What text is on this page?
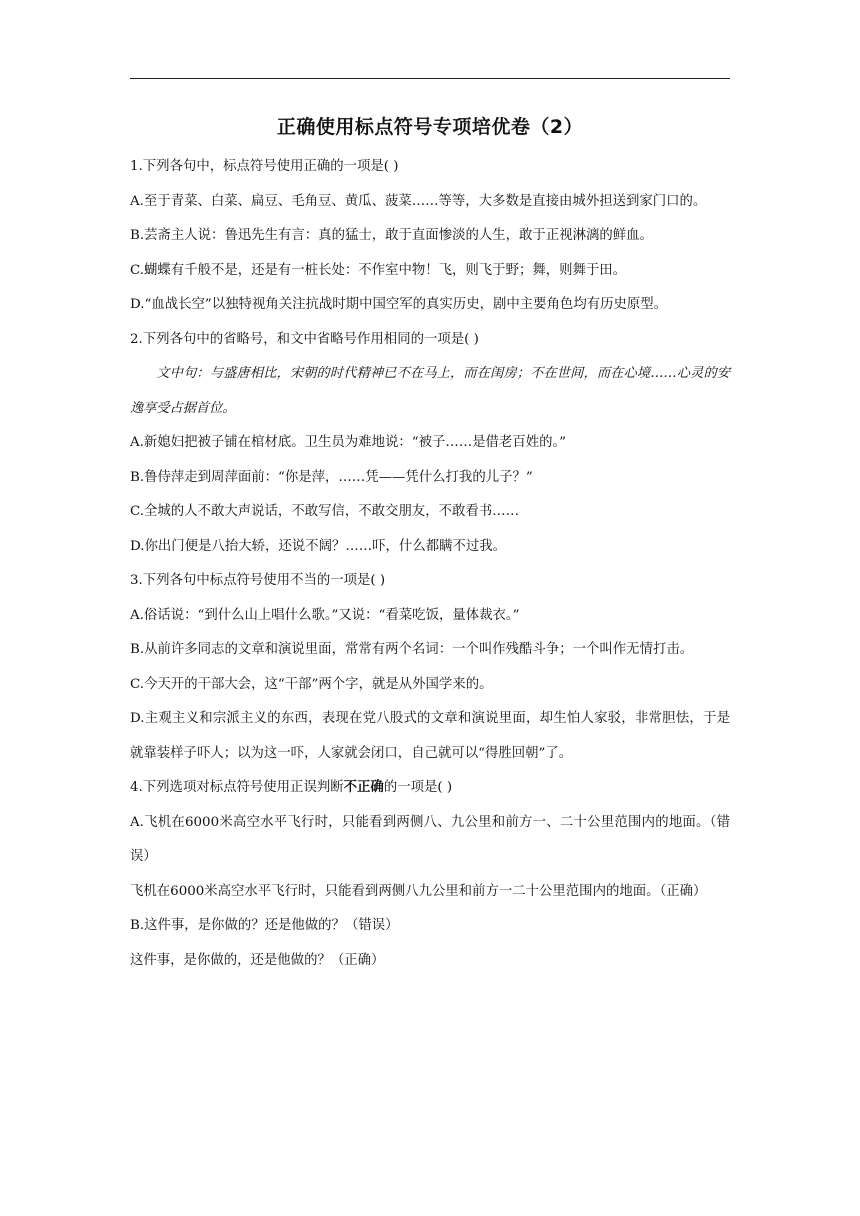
正确使用标点符号专项培优卷（2）

1.下列各句中，标点符号使用正确的一项是( )

A.至于青菜、白菜、扁豆、毛角豆、黄瓜、菠菜……等等，大多数是直接由城外担送到家门口的。

B.芸斋主人说：鲁迅先生有言：真的猛士，敢于直面惨淡的人生，敢于正视淋漓的鲜血。

C.蝴蝶有千般不是，还是有一桩长处：不作室中物！飞，则飞于野；舞，则舞于田。

D.“血战长空”以独特视角关注抗战时期中国空军的真实历史，剧中主要角色均有历史原型。

2.下列各句中的省略号，和文中省略号作用相同的一项是( )

文中句：与盛唐相比，宋朝的时代精神已不在马上，而在闺房；不在世间，而在心境……心灵的安逸享受占据首位。

A.新媳妇把被子铺在棺材底。卫生员为难地说：“被子……是借老百姓的。”

B.鲁侍萍走到周萍面前：“你是萍，……凭——凭什么打我的儿子？”

C.全城的人不敢大声说话，不敢写信，不敢交朋友，不敢看书……

D.你出门便是八抬大轿，还说不阔？……吓，什么都瞒不过我。

3.下列各句中标点符号使用不当的一项是( )

A.俗话说：“到什么山上唱什么歌。”又说：“看菜吃饭，量体裁衣。”

B.从前许多同志的文章和演说里面，常常有两个名词：一个叫作残酷斗争；一个叫作无情打击。

C.今天开的干部大会，这“干部”两个字，就是从外国学来的。

D.主观主义和宗派主义的东西，表现在党八股式的文章和演说里面，却生怕人家驳，非常胆怯，于是就靠装样子吓人；以为这一吓，人家就会闭口，自己就可以“得胜回朝”了。

4.下列选项对标点符号使用正误判断不正确的一项是( )

A.飞机在6000米高空水平飞行时，只能看到两侧八、九公里和前方一、二十公里范围内的地面。（错误）

飞机在6000米高空水平飞行时，只能看到两侧八九公里和前方一二十公里范围内的地面。（正确）

B.这件事，是你做的？还是他做的？（错误）

这件事，是你做的，还是他做的？（正确）
